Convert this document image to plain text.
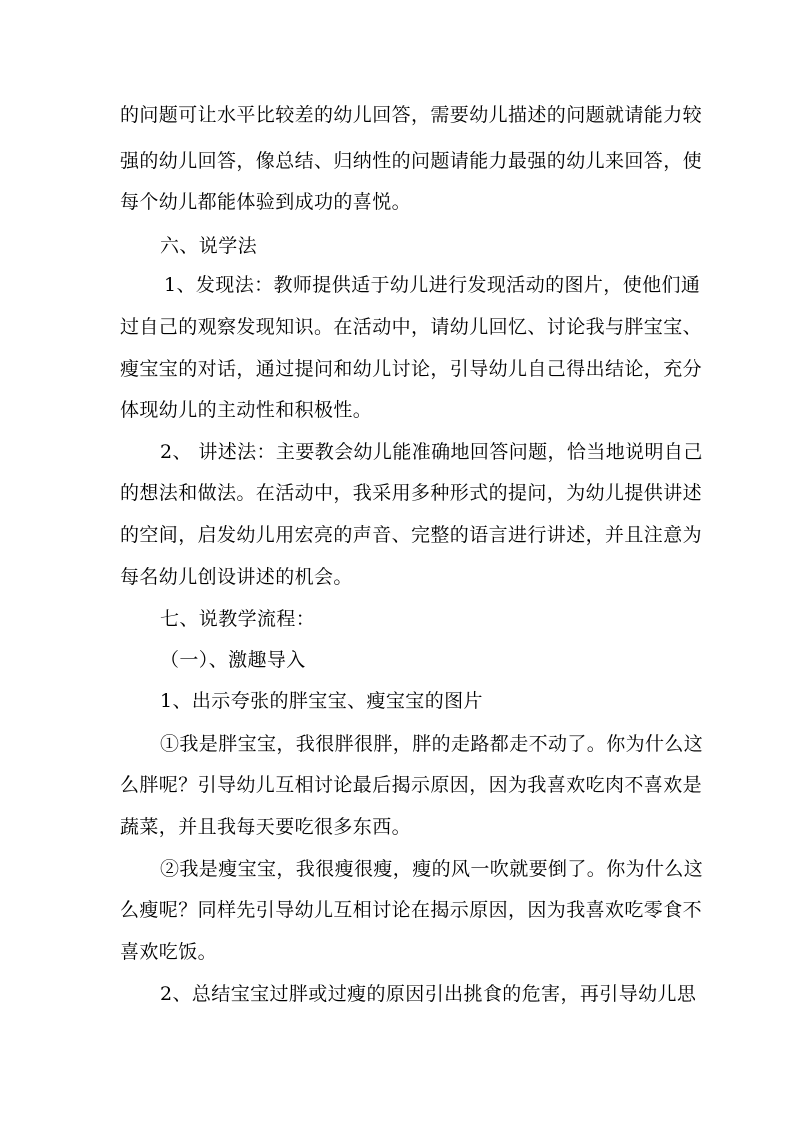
的问题可让水平比较差的幼儿回答，需要幼儿描述的问题就请能力较
强的幼儿回答，像总结、归纳性的问题请能力最强的幼儿来回答，使
每个幼儿都能体验到成功的喜悦。
六、说学法
1、发现法：教师提供适于幼儿进行发现活动的图片，使他们通
过自己的观察发现知识。在活动中，请幼儿回忆、讨论我与胖宝宝、
瘦宝宝的对话，通过提问和幼儿讨论，引导幼儿自己得出结论，充分
体现幼儿的主动性和积极性。
2、 讲述法：主要教会幼儿能准确地回答问题，恰当地说明自己
的想法和做法。在活动中，我采用多种形式的提问，为幼儿提供讲述
的空间，启发幼儿用宏亮的声音、完整的语言进行讲述，并且注意为
每名幼儿创设讲述的机会。
七、说教学流程：
（一）、激趣导入
1、出示夸张的胖宝宝、瘦宝宝的图片
①我是胖宝宝，我很胖很胖，胖的走路都走不动了。你为什么这
么胖呢？引导幼儿互相讨论最后揭示原因，因为我喜欢吃肉不喜欢是
蔬菜，并且我每天要吃很多东西。
②我是瘦宝宝，我很瘦很瘦，瘦的风一吹就要倒了。你为什么这
么瘦呢？同样先引导幼儿互相讨论在揭示原因，因为我喜欢吃零食不
喜欢吃饭。
2、总结宝宝过胖或过瘦的原因引出挑食的危害，再引导幼儿思
